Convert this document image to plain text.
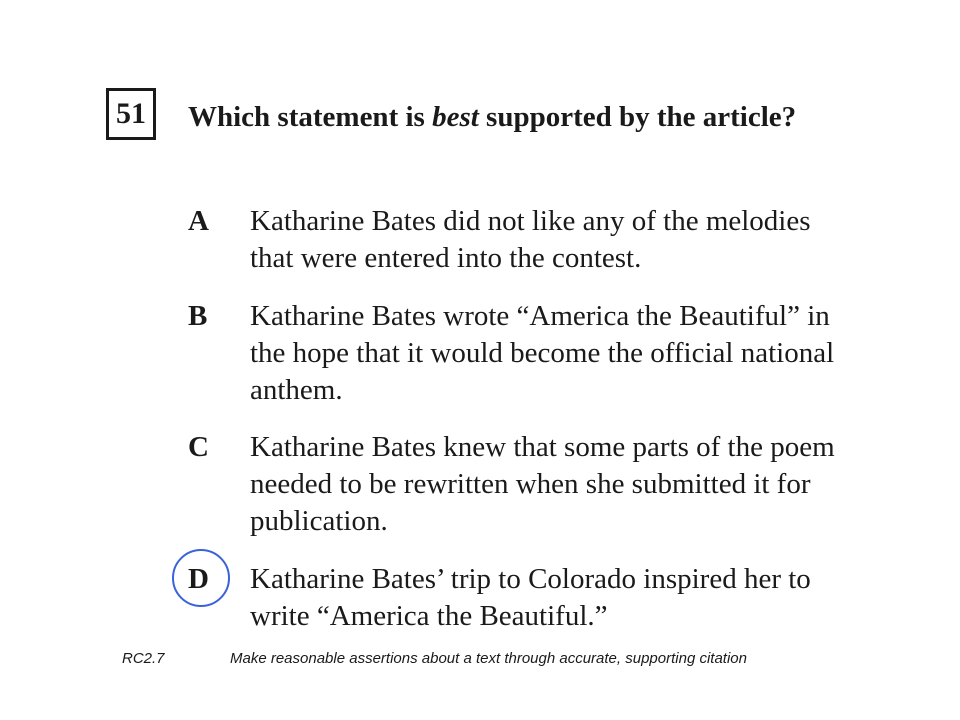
51 Which statement is best supported by the article?
A	Katharine Bates did not like any of the melodies that were entered into the contest.
B	Katharine Bates wrote “America the Beautiful” in the hope that it would become the official national anthem.
C	Katharine Bates knew that some parts of the poem needed to be rewritten when she submitted it for publication.
D	Katharine Bates’ trip to Colorado inspired her to write “America the Beautiful.”
RC2.7	Make reasonable assertions about a text through accurate, supporting citation
